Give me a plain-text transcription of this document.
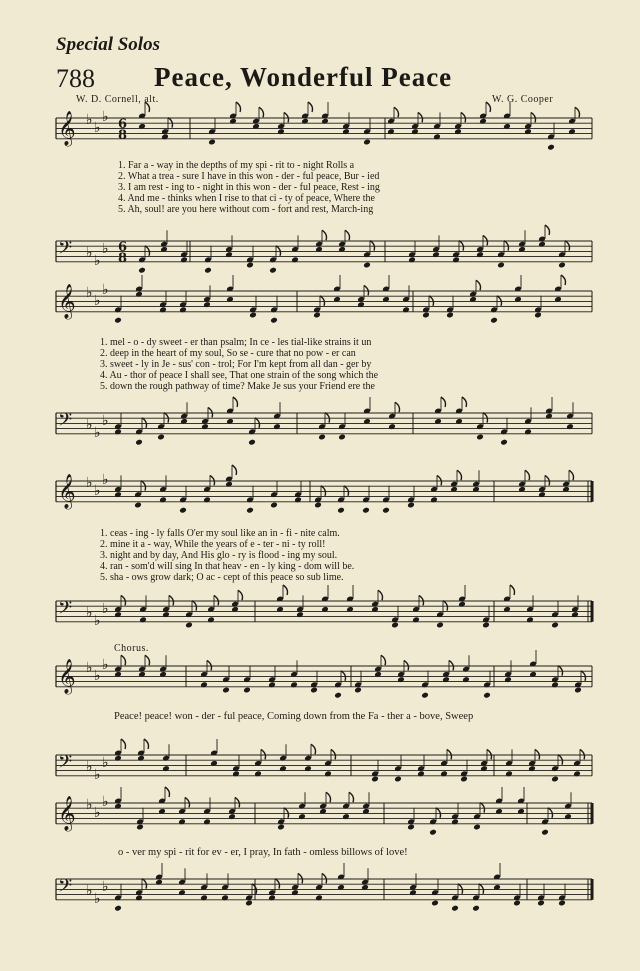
Special Solos
788 Peace, Wonderful Peace
W. D. Cornell, alt.	W. G. Cooper
Chorus.
𝄞 ♭ ♭
♭ 6
8
𝄢 ♭ ♭
♭ 6
8
𝄞 ♭ ♭
♭
𝄢 ♭ ♭
♭
𝄞 ♭ ♭
♭
𝄢 ♭ ♭
♭
𝄞 ♭ ♭
♭
𝄢 ♭ ♭
♭
𝄞 ♭ ♭
♭
𝄢 ♭ ♭
♭
1. Far a - way in the depths of my spi - rit to - night Rolls a
2. What a trea - sure I have in this won - der - ful peace, Bur - ied
3. I am rest - ing to - night in this won - der - ful peace, Rest - ing
4. And me - thinks when I rise to that ci - ty of peace, Where the
5. Ah, soul! are you here without com - fort and rest, March-ing
1. mel - o - dy sweet - er than psalm; In ce - les tial-like strains it un
2. deep in the heart of my soul, So se - cure that no pow - er can
3. sweet - ly in Je - sus' con - trol; For I'm kept from all dan - ger by
4. Au - thor of peace I shall see, That one strain of the song which the
5. down the rough pathway of time? Make Je sus your Friend ere the
1. ceas - ing - ly falls O'er my soul like an in - fi - nite calm.
2. mine it a - way, While the years of e - ter - ni - ty roll!
3. night and by day, And His glo - ry is flood - ing my soul.
4. ran - som'd will sing In that heav - en - ly king - dom will be.
5. sha - ows grow dark; O ac - cept of this peace so sub lime.
Peace! peace! won - der - ful peace, Coming down from the Fa - ther a - bove, Sweep
o - ver my spi - rit for ev - er, I pray, In fath - omless billows of love!
